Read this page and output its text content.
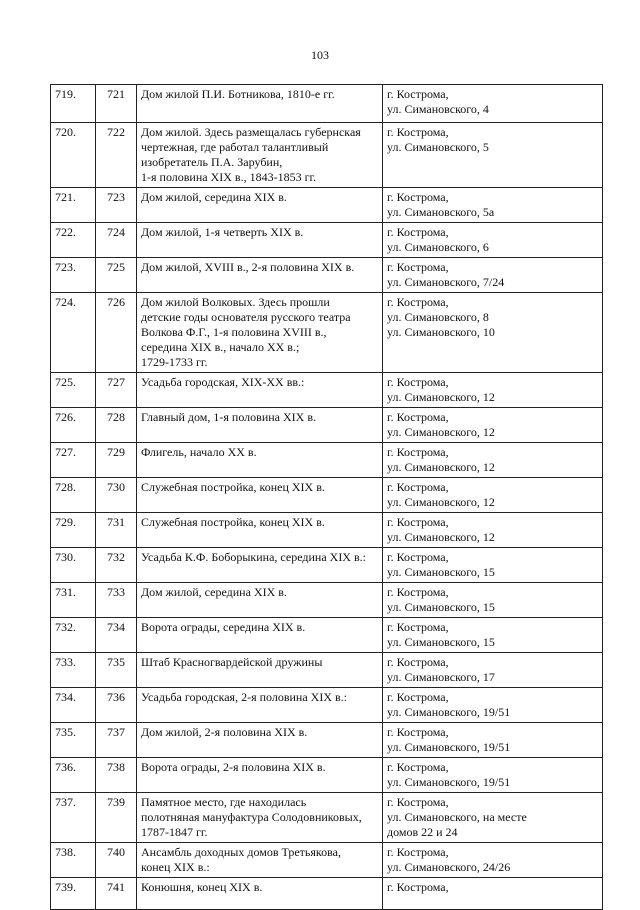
103
719.	721	Дом жилой П.И. Ботникова, 1810-е гг.	г. Кострома,
ул. Симановского, 4

720.	722	Дом жилой. Здесь размещалась губернская
чертежная, где работал талантливый
изобретатель П.А. Зарубин,
1-я половина XIX в., 1843-1853 гг.	г. Кострома,
ул. Симановского, 5

721.	723	Дом жилой, середина XIX в.	г. Кострома,
ул. Симановского, 5а

722.	724	Дом жилой, 1-я четверть XIX в.	г. Кострома,
ул. Симановского, 6

723.	725	Дом жилой, XVIII в., 2-я половина XIX в.	г. Кострома,
ул. Симановского, 7/24

724.	726	Дом жилой Волковых. Здесь прошли
детские годы основателя русского театра
Волкова Ф.Г., 1-я половина XVIII в.,
середина XIX в., начало XX в.;
1729-1733 гг.	г. Кострома,
ул. Симановского, 8
ул. Симановского, 10

725.	727	Усадьба городская, XIX-XX вв.:	г. Кострома,
ул. Симановского, 12

726.	728	Главный дом, 1-я половина XIX в.	г. Кострома,
ул. Симановского, 12

727.	729	Флигель, начало XX в.	г. Кострома,
ул. Симановского, 12

728.	730	Служебная постройка, конец XIX в.	г. Кострома,
ул. Симановского, 12

729.	731	Служебная постройка, конец XIX в.	г. Кострома,
ул. Симановского, 12

730.	732	Усадьба К.Ф. Боборыкина, середина XIX в.:	г. Кострома,
ул. Симановского, 15

731.	733	Дом жилой, середина XIX в.	г. Кострома,
ул. Симановского, 15

732.	734	Ворота ограды, середина XIX в.	г. Кострома,
ул. Симановского, 15

733.	735	Штаб Красногвардейской дружины	г. Кострома,
ул. Симановского, 17

734.	736	Усадьба городская, 2-я половина XIX в.:	г. Кострома,
ул. Симановского, 19/51

735.	737	Дом жилой, 2-я половина XIX в.	г. Кострома,
ул. Симановского, 19/51

736.	738	Ворота ограды, 2-я половина XIX в.	г. Кострома,
ул. Симановского, 19/51

737.	739	Памятное место, где находилась
полотняная мануфактура Солодовниковых,
1787-1847 гг.	г. Кострома,
ул. Симановского, на месте
домов 22 и 24

738.	740	Ансамбль доходных домов Третьякова,
конец XIX в.:	г. Кострома,
ул. Симановского, 24/26

739.	741	Конюшня, конец XIX в.	г. Кострома,
